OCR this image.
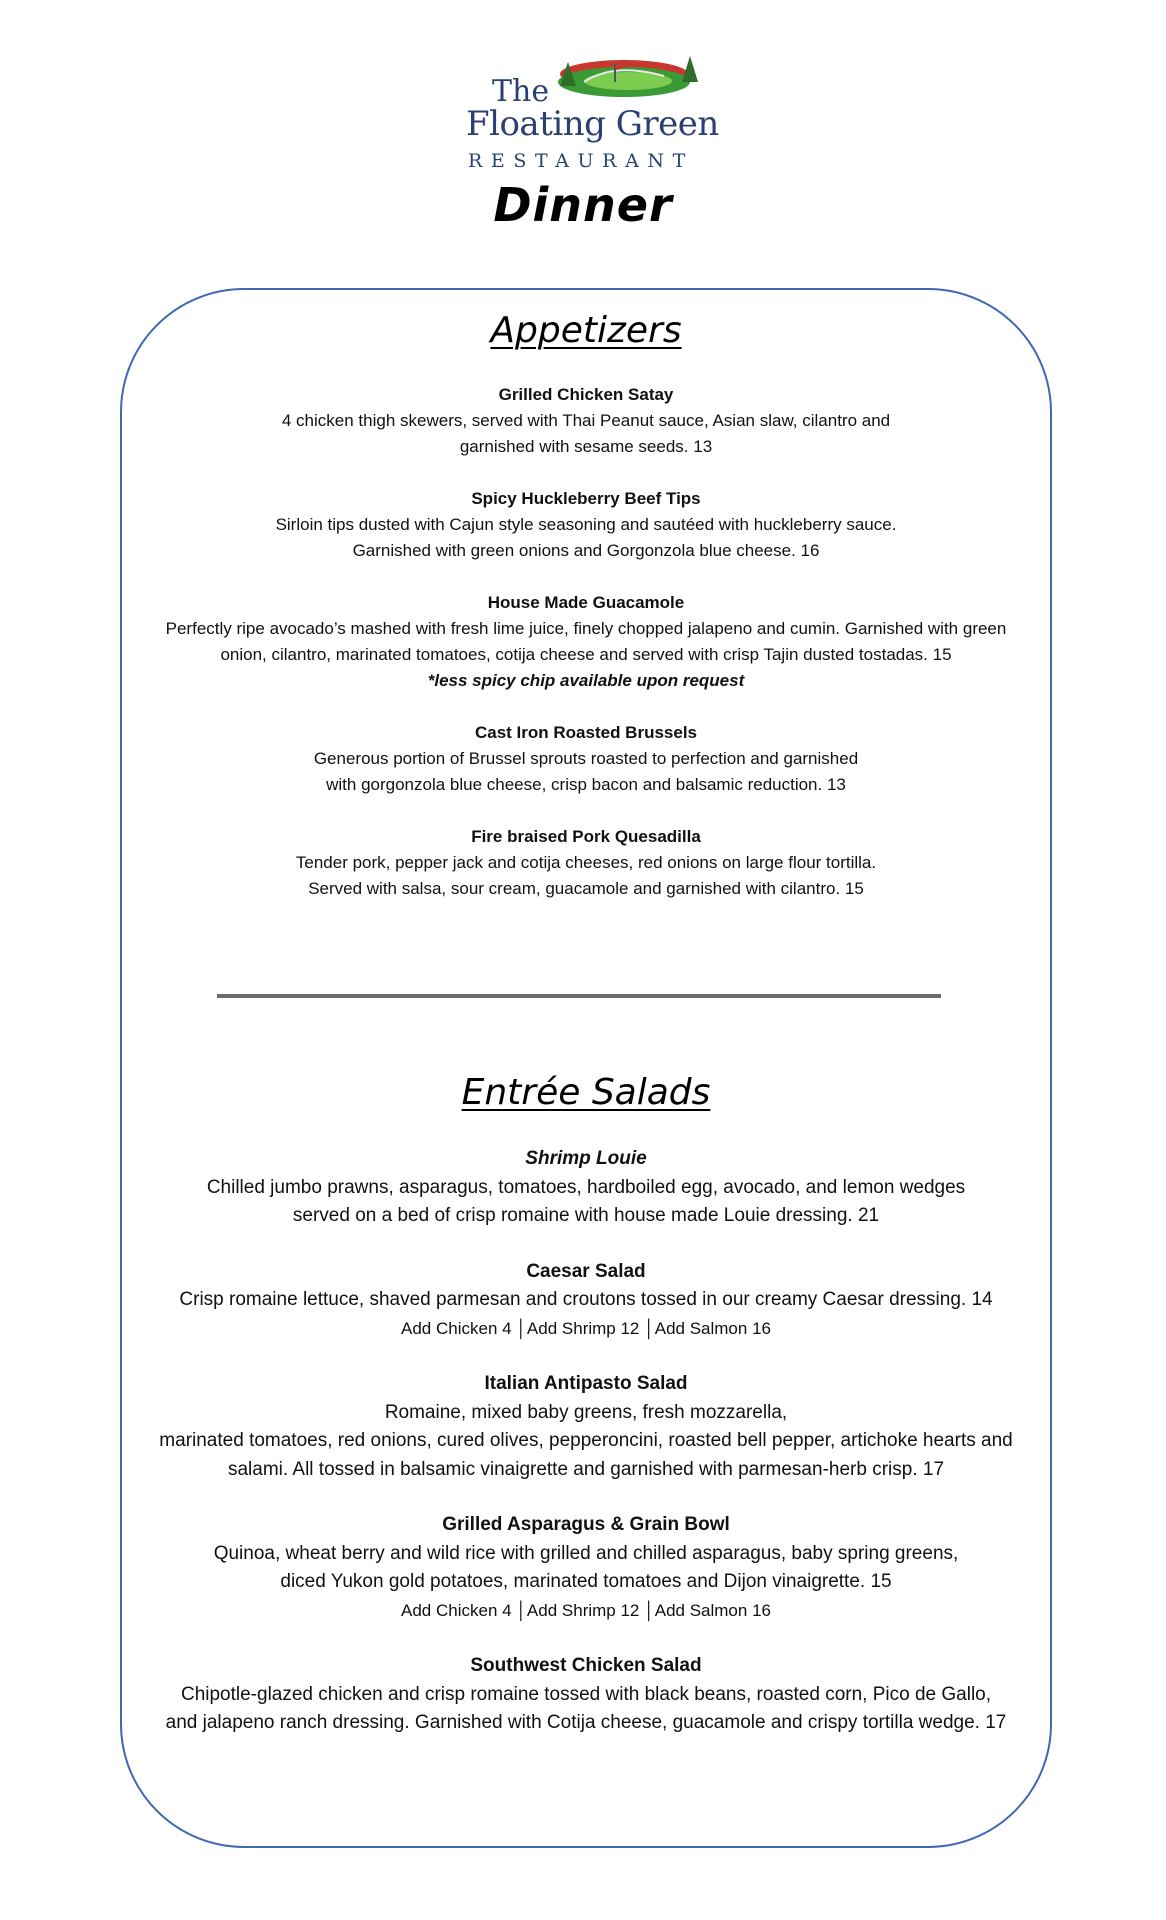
The
Floating Green
RESTAURANT
Dinner
Appetizers

Grilled Chicken Satay
4 chicken thigh skewers, served with Thai Peanut sauce, Asian slaw, cilantro and
garnished with sesame seeds. 13

Spicy Huckleberry Beef Tips
Sirloin tips dusted with Cajun style seasoning and sautéed with huckleberry sauce.
Garnished with green onions and Gorgonzola blue cheese. 16

House Made Guacamole
Perfectly ripe avocado’s mashed with fresh lime juice, finely chopped jalapeno and cumin. Garnished with green
onion, cilantro, marinated tomatoes, cotija cheese and served with crisp Tajin dusted tostadas. 15
*less spicy chip available upon request

Cast Iron Roasted Brussels
Generous portion of Brussel sprouts roasted to perfection and garnished
with gorgonzola blue cheese, crisp bacon and balsamic reduction. 13

Fire braised Pork Quesadilla
Tender pork, pepper jack and cotija cheeses, red onions on large flour tortilla.
Served with salsa, sour cream, guacamole and garnished with cilantro. 15

Entrée Salads

Shrimp Louie
Chilled jumbo prawns, asparagus, tomatoes, hardboiled egg, avocado, and lemon wedges
served on a bed of crisp romaine with house made Louie dressing. 21

Caesar Salad
Crisp romaine lettuce, shaved parmesan and croutons tossed in our creamy Caesar dressing. 14
Add Chicken 4 │Add Shrimp 12 │Add Salmon 16

Italian Antipasto Salad
Romaine, mixed baby greens, fresh mozzarella,
marinated tomatoes, red onions, cured olives, pepperoncini, roasted bell pepper, artichoke hearts and
salami. All tossed in balsamic vinaigrette and garnished with parmesan-herb crisp. 17

Grilled Asparagus & Grain Bowl
Quinoa, wheat berry and wild rice with grilled and chilled asparagus, baby spring greens,
diced Yukon gold potatoes, marinated tomatoes and Dijon vinaigrette. 15
Add Chicken 4 │Add Shrimp 12 │Add Salmon 16

Southwest Chicken Salad
Chipotle-glazed chicken and crisp romaine tossed with black beans, roasted corn, Pico de Gallo,
and jalapeno ranch dressing. Garnished with Cotija cheese, guacamole and crispy tortilla wedge. 17
